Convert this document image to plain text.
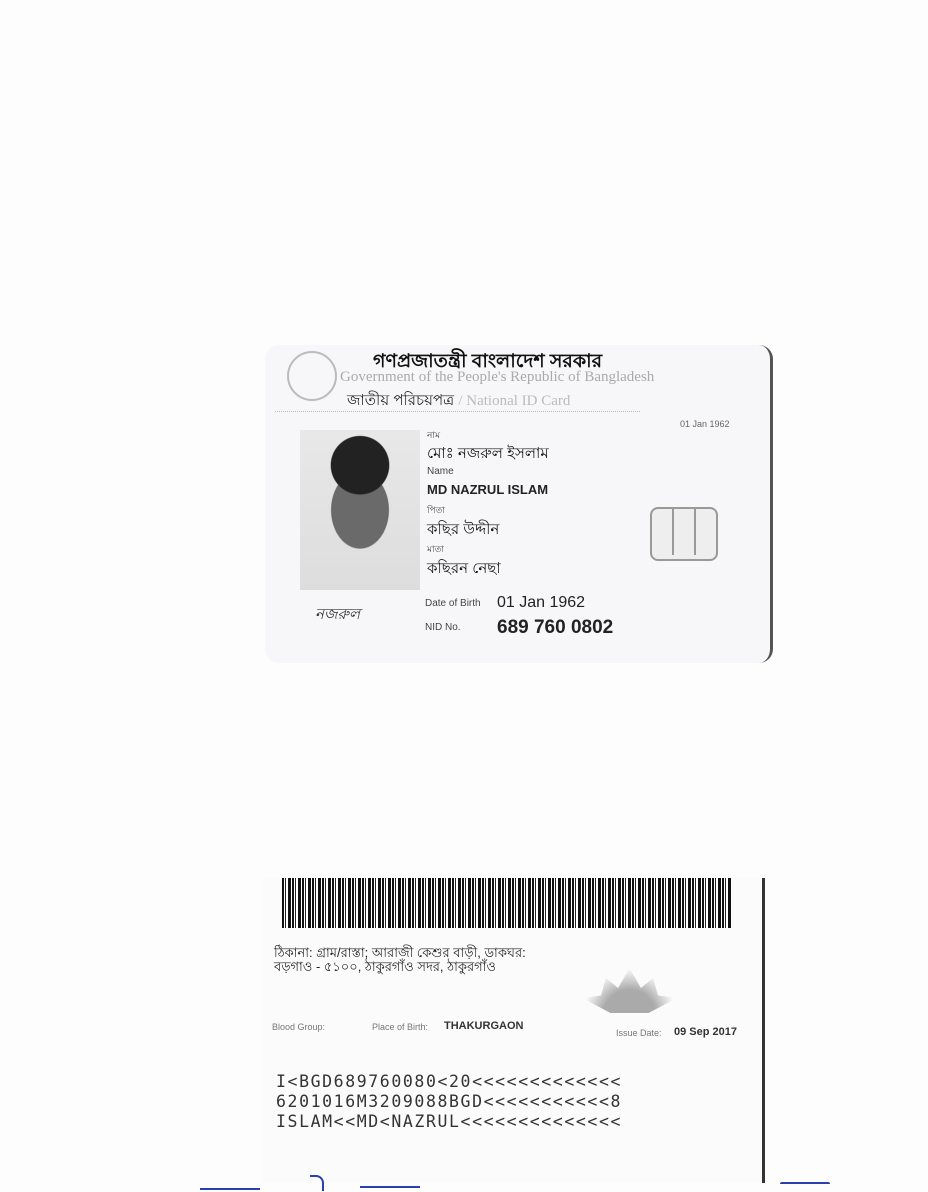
গণপ্রজাতন্ত্রী বাংলাদেশ সরকার
Government of the People's Republic of Bangladesh
জাতীয় পরিচয়পত্র / National ID Card
01 Jan 1962
নজরুল
নাম
মোঃ নজরুল ইসলাম
Name
MD NAZRUL ISLAM
পিতা
কছির উদ্দীন
মাতা
কছিরন নেছা
Date of Birth 01 Jan 1962
NID No. 689 760 0802
ঠিকানা: গ্রাম/রাস্তা; আরাজী কেশুর বাড়ী, ডাকঘর:
বড়গাও - ৫১০০, ঠাকুরগাঁও সদর, ঠাকুরগাঁও
Blood Group:	Place of Birth: THAKURGAON
Issue Date: 09 Sep 2017
I<BGD689760080<20<<<<<<<<<<<<<
6201016M3209088BGD<<<<<<<<<<<8
ISLAM<<MD<NAZRUL<<<<<<<<<<<<<<
